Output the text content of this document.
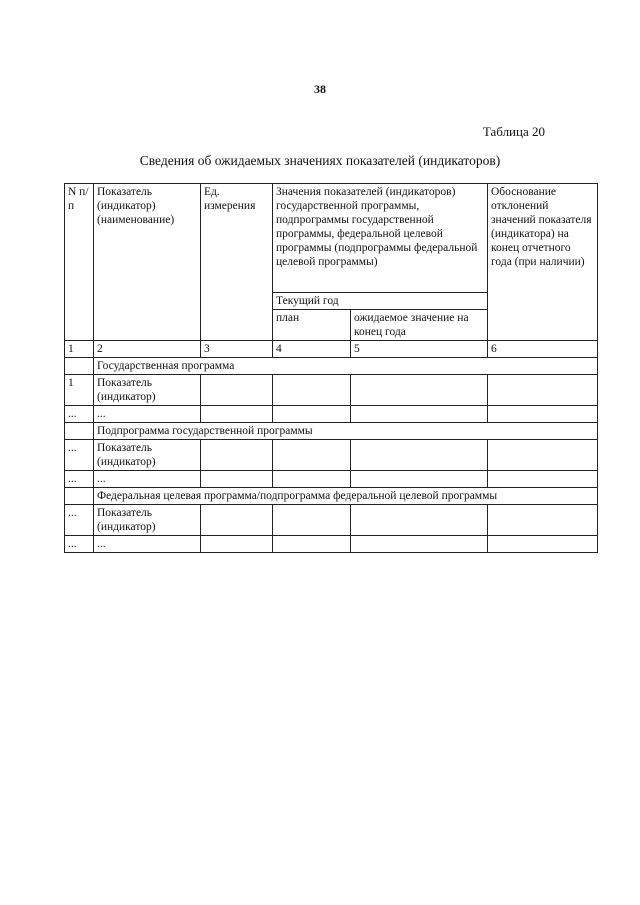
38
Таблица 20
Сведения об ожидаемых значениях показателей (индикаторов)
N п/п	Показатель (индикатор) (наименование)	Ед. измерения	Значения показателей (индикаторов) государственной программы, подпрограммы государственной программы, федеральной целевой программы (подпрограммы федеральной целевой программы)		Обоснование отклонений значений показателя (индикатора) на конец отчетного года (при наличии)
			Текущий год		
			план	ожидаемое значение на конец года	
1	2	3	4	5	6
	Государственная программа				
1	Показатель (индикатор)				
...	...				
	Подпрограмма государственной программы				
...	Показатель (индикатор)				
...	...				
	Федеральная целевая программа/подпрограмма федеральной целевой программы				
...	Показатель (индикатор)				
...	...				
